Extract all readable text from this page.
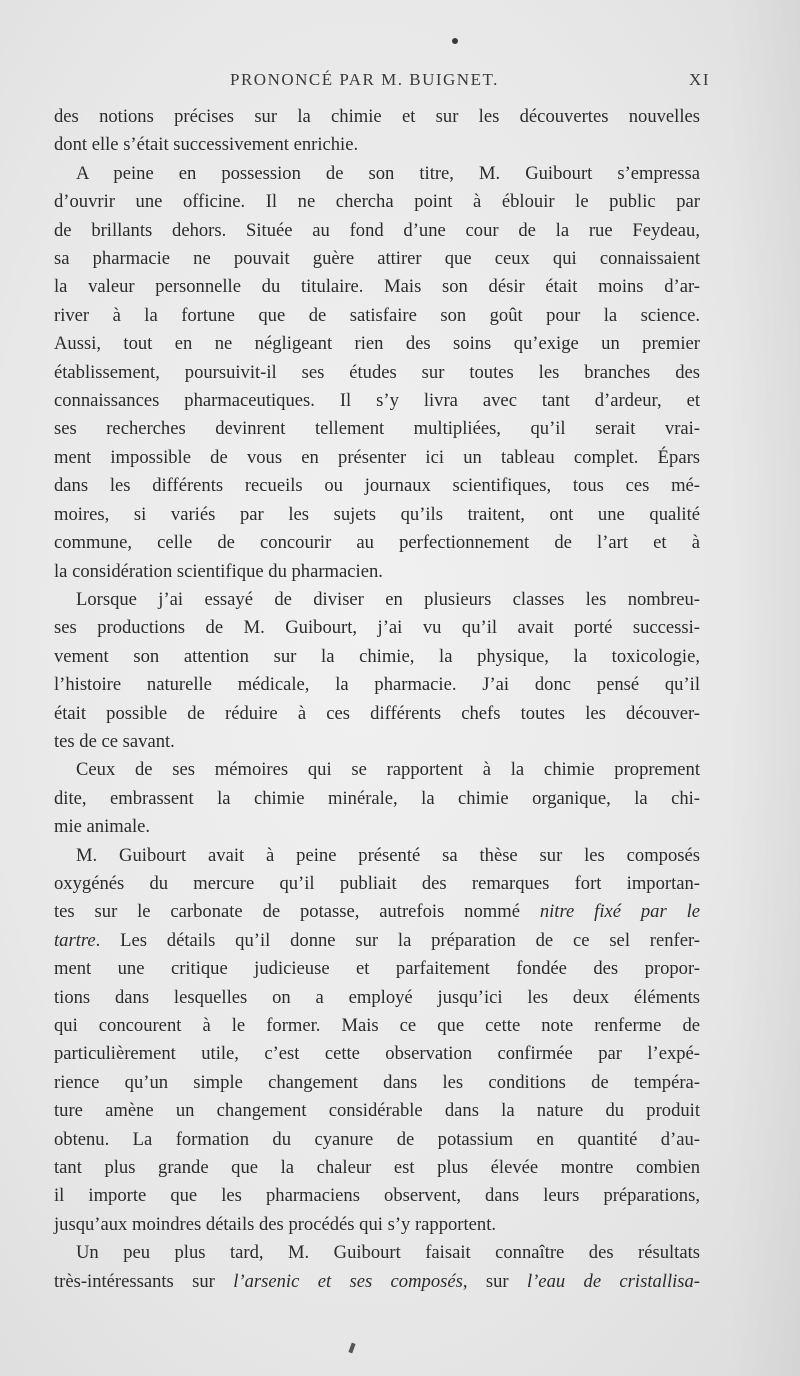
PRONONCÉ PAR M. BUIGNET.	XI

des notions précises sur la chimie et sur les découvertes nouvelles
dont elle s’était successivement enrichie.

A peine en possession de son titre, M. Guibourt s’empressa
d’ouvrir une officine. Il ne chercha point à éblouir le public par
de brillants dehors. Située au fond d’une cour de la rue Feydeau,
sa pharmacie ne pouvait guère attirer que ceux qui connaissaient
la valeur personnelle du titulaire. Mais son désir était moins d’ar-
river à la fortune que de satisfaire son goût pour la science.
Aussi, tout en ne négligeant rien des soins qu’exige un premier
établissement, poursuivit-il ses études sur toutes les branches des
connaissances pharmaceutiques. Il s’y livra avec tant d’ardeur, et
ses recherches devinrent tellement multipliées, qu’il serait vrai-
ment impossible de vous en présenter ici un tableau complet. Épars
dans les différents recueils ou journaux scientifiques, tous ces mé-
moires, si variés par les sujets qu’ils traitent, ont une qualité
commune, celle de concourir au perfectionnement de l’art et à
la considération scientifique du pharmacien.

Lorsque j’ai essayé de diviser en plusieurs classes les nombreu-
ses productions de M. Guibourt, j’ai vu qu’il avait porté successi-
vement son attention sur la chimie, la physique, la toxicologie,
l’histoire naturelle médicale, la pharmacie. J’ai donc pensé qu’il
était possible de réduire à ces différents chefs toutes les découver-
tes de ce savant.

Ceux de ses mémoires qui se rapportent à la chimie proprement
dite, embrassent la chimie minérale, la chimie organique, la chi-
mie animale.

M. Guibourt avait à peine présenté sa thèse sur les composés
oxygénés du mercure qu’il publiait des remarques fort importan-
tes sur le carbonate de potasse, autrefois nommé nitre fixé par le
tartre. Les détails qu’il donne sur la préparation de ce sel renfer-
ment une critique judicieuse et parfaitement fondée des propor-
tions dans lesquelles on a employé jusqu’ici les deux éléments
qui concourent à le former. Mais ce que cette note renferme de
particulièrement utile, c’est cette observation confirmée par l’expé-
rience qu’un simple changement dans les conditions de tempéra-
ture amène un changement considérable dans la nature du produit
obtenu. La formation du cyanure de potassium en quantité d’au-
tant plus grande que la chaleur est plus élevée montre combien
il importe que les pharmaciens observent, dans leurs préparations,
jusqu’aux moindres détails des procédés qui s’y rapportent.

Un peu plus tard, M. Guibourt faisait connaître des résultats
très-intéressants sur l’arsenic et ses composés, sur l’eau de cristallisa-
